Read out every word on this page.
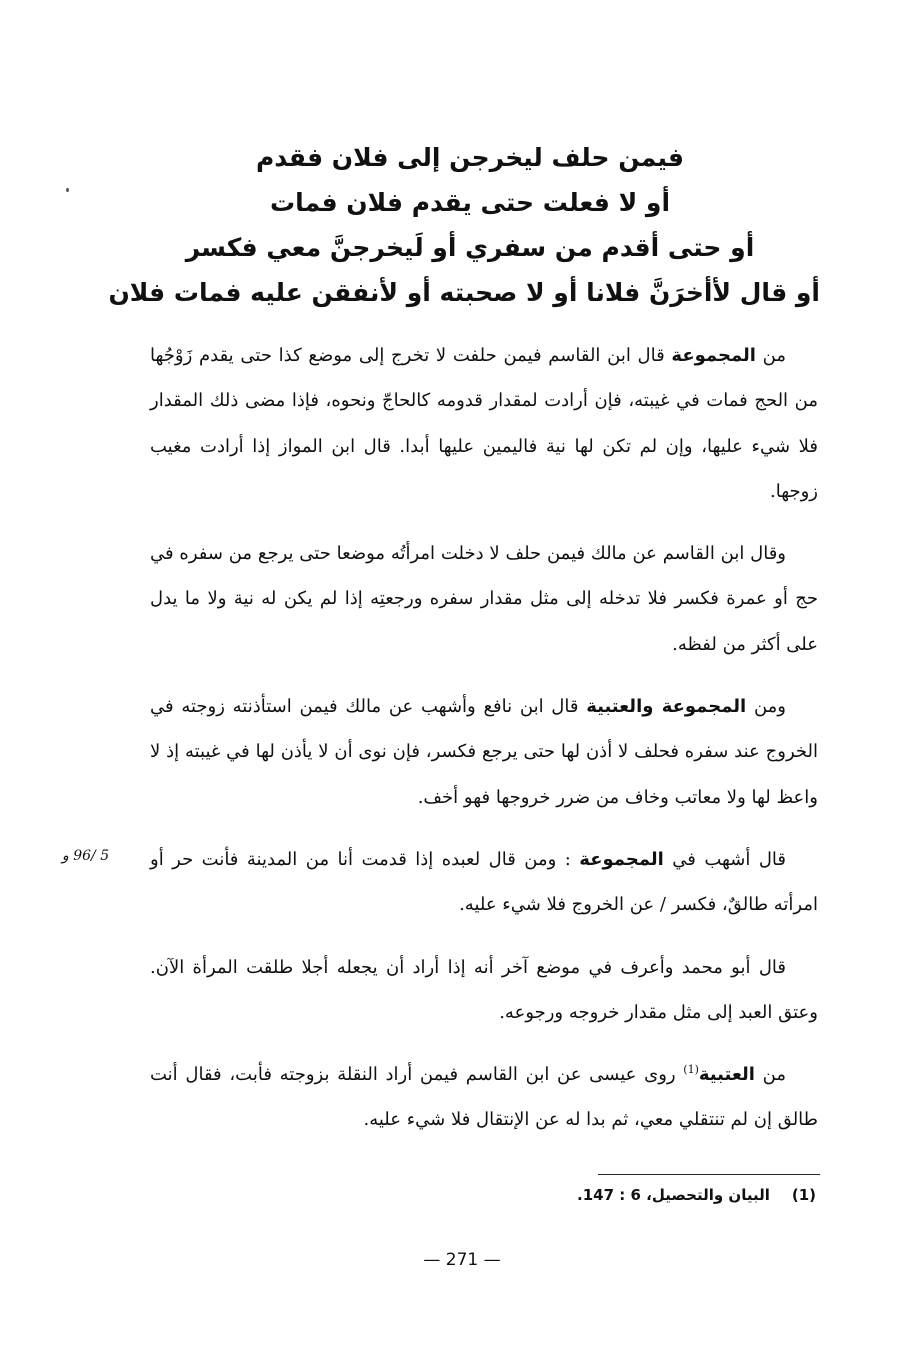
فيمن حلف ليخرجن إلى فلان فقدم
أو لا فعلت حتى يقدم فلان فمات
أو حتى أقدم من سفري أو لَيخرجنَّ معي فكسر
أو قال لأأخرَنَّ فلانا أو لا صحبته أو لأنفقن عليه فمات فلان

من المجموعة قال ابن القاسم فيمن حلفت لا تخرج إلى موضع كذا حتى يقدم زَوْجُها من الحج فمات في غيبته، فإن أرادت لمقدار قدومه كالحاجّ ونحوه، فإذا مضى ذلك المقدار فلا شيء عليها، وإن لم تكن لها نية فاليمين عليها أبدا. قال ابن المواز إذا أرادت مغيب زوجها.

وقال ابن القاسم عن مالك فيمن حلف لا دخلت امرأتُه موضعا حتى يرجع من سفره في حج أو عمرة فكسر فلا تدخله إلى مثل مقدار سفره ورجعتِه إذا لم يكن له نية ولا ما يدل على أكثر من لفظه.

ومن المجموعة والعتبية قال ابن نافع وأشهب عن مالك فيمن استأذنته زوجته في الخروج عند سفره فحلف لا أذن لها حتى يرجع فكسر، فإن نوى أن لا يأذن لها في غيبته إذ لا واعظ لها ولا معاتب وخاف من ضرر خروجها فهو أخف.

قال أشهب في المجموعة : ومن قال لعبده إذا قدمت أنا من المدينة فأنت حر أو امرأته طالقٌ، فكسر / عن الخروج فلا شيء عليه.

قال أبو محمد وأعرف في موضع آخر أنه إذا أراد أن يجعله أجلا طلقت المرأة الآن. وعتق العبد إلى مثل مقدار خروجه ورجوعه.

من العتبية$^{(1)}$ روى عيسى عن ابن القاسم فيمن أراد النقلة بزوجته فأبت، فقال أنت طالق إن لم تنتقلي معي، ثم بدا له عن الإنتقال فلا شيء عليه.

5 /96 و
(1)البيان والتحصيل، 6 : 147.
— 271 —
